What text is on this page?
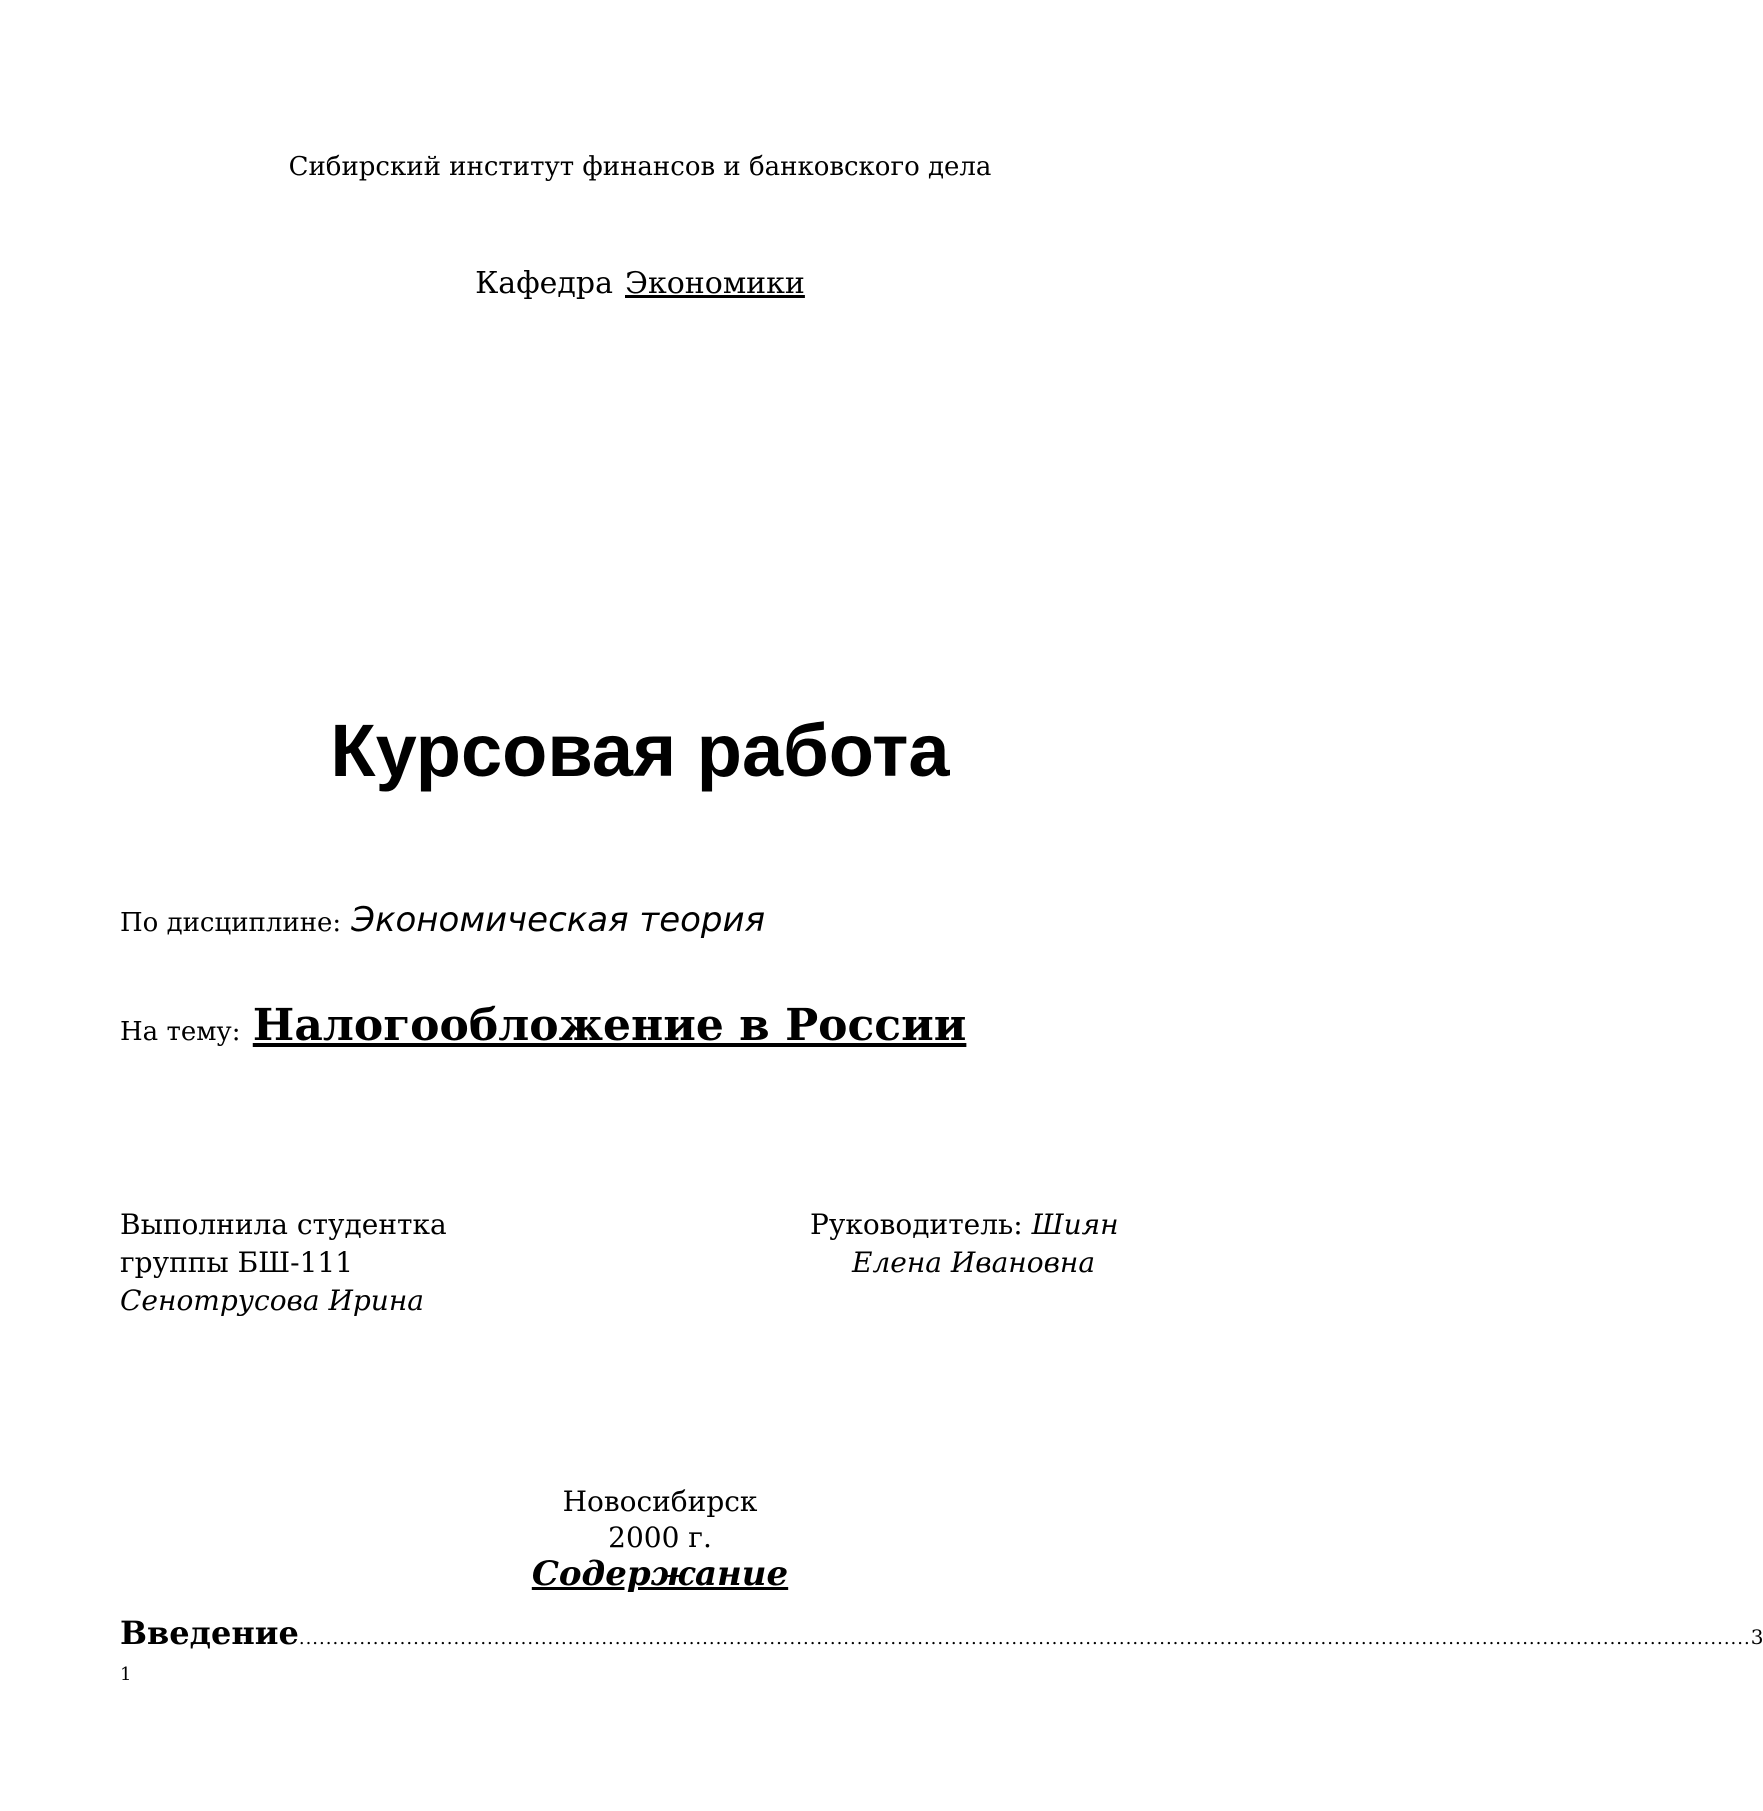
Сибирский институт финансов и банковского дела
Кафедра Экономики
Курсовая работа
По дисциплине: Экономическая теория
На тему: Налогообложение в России
Выполнила студентка
группы БШ-111
Сенотрусова Ирина
Руководитель: Шиян
Елена Ивановна
Новосибирск
2000 г.
Содержание
Введение ........................................................................................................................................................................................................................ 3
1
